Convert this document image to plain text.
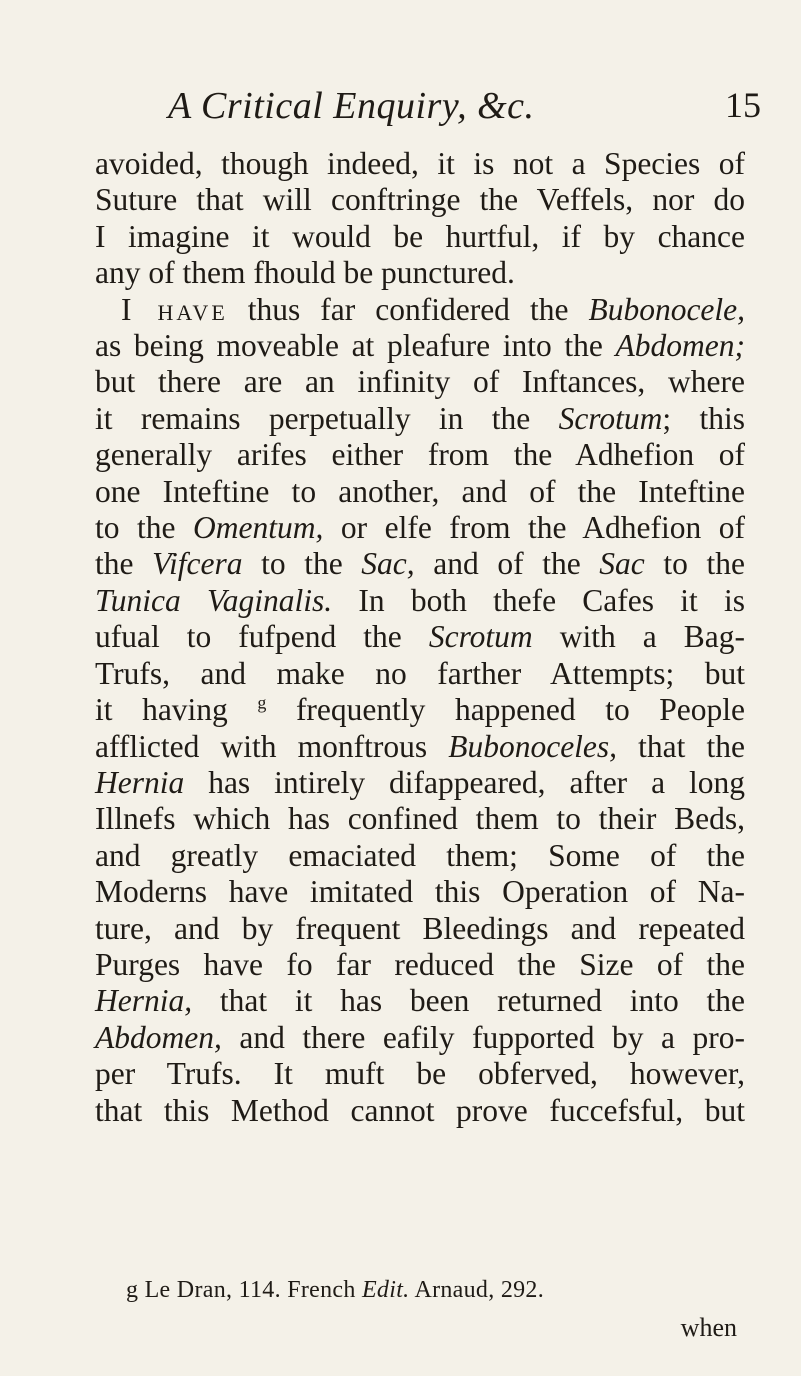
A Critical Enquiry, &c.	15
avoided, though indeed, it is not a Species of
Suture that will conftringe the Veffels, nor do
I imagine it would be hurtful, if by chance
any of them fhould be punctured.
I have thus far confidered the Bubonocele,
as being moveable at pleafure into the Abdomen;
but there are an infinity of Inftances, where
it remains perpetually in the Scrotum; this
generally arifes either from the Adhefion of
one Inteftine to another, and of the Inteftine
to the Omentum, or elfe from the Adhefion of
the Vifcera to the Sac, and of the Sac to the
Tunica Vaginalis. In both thefe Cafes it is
ufual to fufpend the Scrotum with a Bag-
Trufs, and make no farther Attempts; but
it having $^g$ frequently happened to People
afflicted with monftrous Bubonoceles, that the
Hernia has intirely difappeared, after a long
Illnefs which has confined them to their Beds,
and greatly emaciated them; Some of the
Moderns have imitated this Operation of Na-
ture, and by frequent Bleedings and repeated
Purges have fo far reduced the Size of the
Hernia, that it has been returned into the
Abdomen, and there eafily fupported by a pro-
per Trufs. It muft be obferved, however,
that this Method cannot prove fuccefsful, but
g Le Dran, 114. French Edit. Arnaud, 292.
when
